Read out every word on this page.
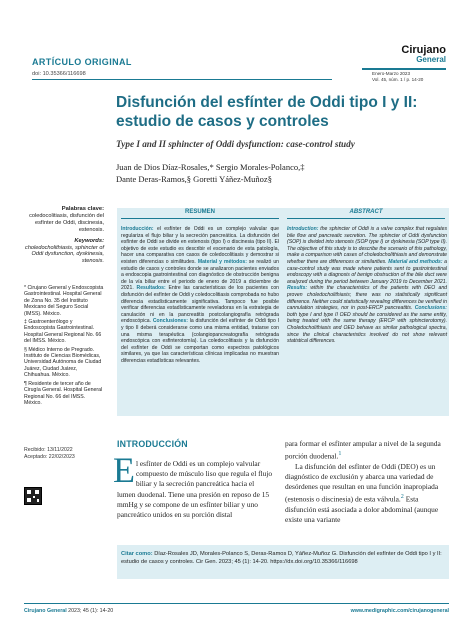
ARTÍCULO ORIGINAL
doi: 10.35366/116698
Cirujano
General
Enero-Marzo 2023
Vol. 45, núm. 1 / p. 14-20
Disfunción del esfínter de Oddi tipo I y II: estudio de casos y controles
Type I and II sphincter of Oddi dysfunction: case-control study
Juan de Dios Díaz-Rosales,* Sergio Morales-Polanco,‡
Dante Deras-Ramos,§ Goretti Yáñez-Muñoz§
Palabras clave:
coledocolitiasis, disfunción del esfínter de Oddi, discinesia, estenosis.
Keywords:
choledocholithiasis, sphincter of Oddi dysfunction, dyskinesia, stenosis.

* Cirujano General y Endoscopista Gastrointestinal. Hospital General de Zona No. 35 del Instituto Mexicano del Seguro Social (IMSS). México.

‡ Gastroenterólogo y Endoscopista Gastrointestinal. Hospital General Regional No. 66 del IMSS. México.

§ Médico Interno de Pregrado. Instituto de Ciencias Biomédicas, Universidad Autónoma de Ciudad Juárez, Ciudad Juárez, Chihuahua. México.

¶ Residente de tercer año de Cirugía General. Hospital General Regional No. 66 del IMSS. México.

Recibido: 13/11/2022
Aceptado: 22/02/2023
RESUMEN	ABSTRACT
Introducción: el esfínter de Oddi es un complejo valvular que regulariza el flujo biliar y la secreción pancreática. La disfunción del esfínter de Oddi se divide en estenosis (tipo I) o discinesia (tipo II). El objetivo de este estudio es describir el escenario de esta patología, hacer una comparativa con casos de coledocolitiasis y demostrar si existen diferencias o similitudes. Material y métodos: se realizó un estudio de casos y controles donde se analizaron pacientes enviados a endoscopia gastrointestinal con diagnóstico de obstrucción benigna de la vía biliar entre el periodo de enero de 2019 a diciembre de 2021. Resultados: Entre las características de los pacientes con disfunción del esfínter de Oddi y coledocolitiasis comprobada no hubo diferencia estadísticamente significativa. Tampoco fue posible verificar diferencias estadísticamente reveladoras en la estrategia de canulación ni en la pancreatitis postcolangiografía retrógrada endoscópica. Conclusiones: la disfunción del esfínter de Oddi tipo I y tipo II deberá considerarse como una misma entidad, tratarse con una misma terapéutica (colangiopancreatografía retrógrada endoscópica con esfinterotomía). La coledocolitiasis y la disfunción del esfínter de Oddi se comportan como espectros patológicos similares, ya que las características clínicas implicadas no muestran diferencias estadísticas relevantes.
Introduction: the sphincter of Oddi is a valve complex that regulates bile flow and pancreatic secretion. The sphincter of Oddi dysfunction (SOP) is divided into stenosis (SOP type I) or dyskinesia (SOP type II). The objective of this study is to describe the scenario of this pathology, make a comparison with cases of choledocholithiasis and demonstrate whether there are differences or similarities. Material and methods: a case-control study was made where patients sent to gastrointestinal endoscopy with a diagnosis of benign obstruction of the bile duct were analyzed during the period between January 2019 to December 2021. Results: within the characteristics of the patients with DEO and proven choledocholithiasis; there was no statistically significant difference. Neither could statistically revealing differences be verified in cannulation strategies, nor in post-ERCP pancreatitis. Conclusions: both type I and type II OED should be considered as the same entity, being treated with the same therapy (ERCP with sphincterotomy). Choledocholithiasis and OED behave as similar pathological spectra, since the clinical characteristics involved do not show relevant statistical differences.
INTRODUCCIÓN
E l esfínter de Oddi es un complejo valvular compuesto de músculo liso que regula el flujo biliar y la secreción pancreática hacia el
lumen duodenal. Tiene una presión en reposo de 15 mmHg y se compone de un esfínter biliar y uno pancreático unidos en su porción distal
para formar el esfínter ampular a nivel de la segunda porción duodenal.$^1$
La disfunción del esfínter de Oddi (DEO) es un diagnóstico de exclusión y abarca una variedad de desórdenes que resultan en una función inapropiada (estenosis o discinesia) de esta válvula.$^2$ Esta disfunción está asociada a dolor abdominal (aunque existe una variante
Citar como: Díaz-Rosales JD, Morales-Polanco S, Deras-Ramos D, Yáñez-Muñoz G. Disfunción del esfínter de Oddi tipo I y II: estudio de casos y controles. Cir Gen. 2023; 45 (1): 14-20. https://dx.doi.org/10.35366/116698
Cirujano General 2023; 45 (1): 14-20	www.medigraphic.com/cirujanogeneral
